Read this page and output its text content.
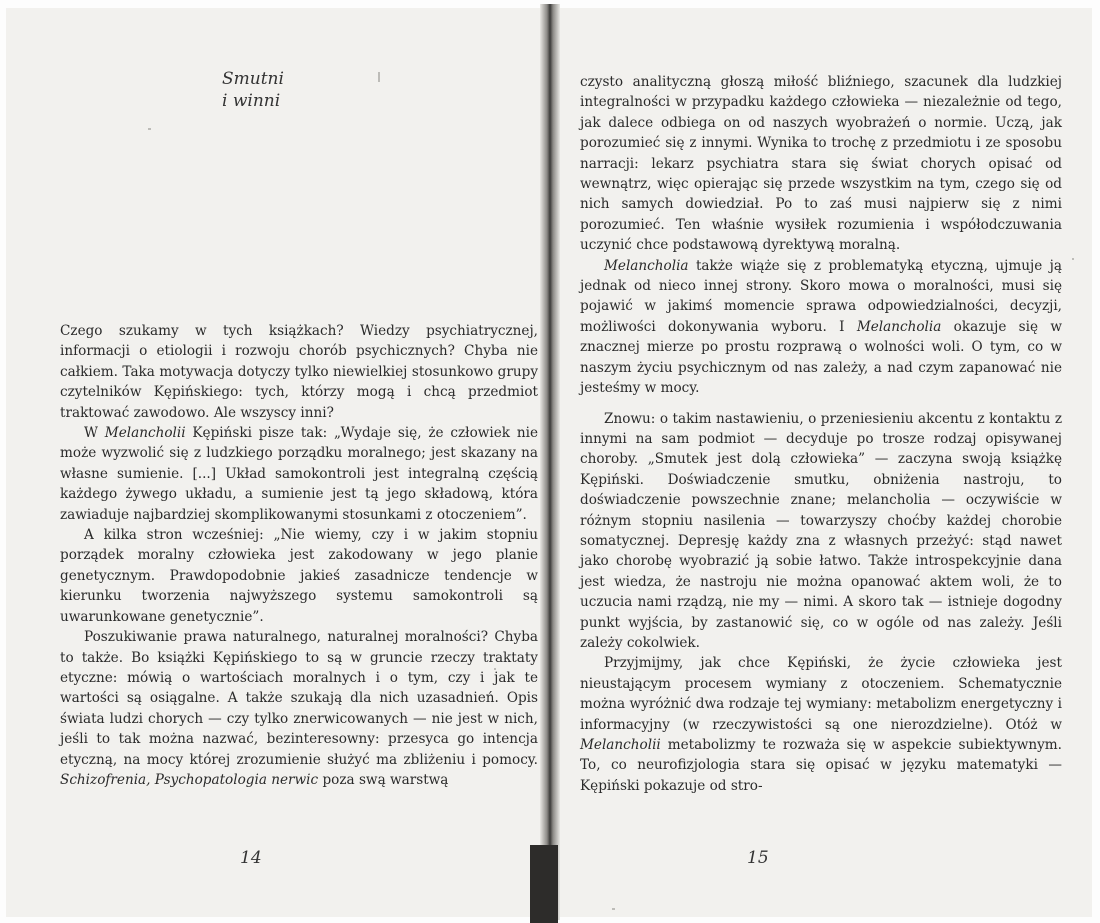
Smutni
i winni

Czego szukamy w tych książkach? Wiedzy psychiatrycznej, informacji o etiologii i rozwoju chorób psychicznych? Chyba nie całkiem. Taka motywacja dotyczy tylko niewielkiej stosunkowo grupy czytelników Kępińskiego: tych, którzy mogą i chcą przedmiot traktować zawodowo. Ale wszyscy inni?

W Melancholii Kępiński pisze tak: „Wydaje się, że człowiek nie może wyzwolić się z ludzkiego porządku moralnego; jest skazany na własne sumienie. [...] Układ samokontroli jest integralną częścią każdego żywego układu, a sumienie jest tą jego składową, która zawiaduje najbardziej skomplikowanymi stosunkami z otoczeniem”.

A kilka stron wcześniej: „Nie wiemy, czy i w jakim stopniu porządek moralny człowieka jest zakodowany w jego planie genetycznym. Prawdopodobnie jakieś zasadnicze tendencje w kierunku tworzenia najwyższego systemu samokontroli są uwarunkowane genetycznie”.

Poszukiwanie prawa naturalnego, naturalnej moralności? Chyba to także. Bo książki Kępińskiego to są w gruncie rzeczy traktaty etyczne: mówią o wartościach moralnych i o tym, czy i jak te wartości są osiągalne. A także szukają dla nich uzasadnień. Opis świata ludzi chorych — czy tylko znerwicowanych — nie jest w nich, jeśli to tak można nazwać, bezinteresowny: przesyca go intencja etyczną, na mocy której zrozumienie służyć ma zbliżeniu i pomocy. Schizofrenia, Psychopatologia nerwic poza swą warstwą

14

czysto analityczną głoszą miłość bliźniego, szacunek dla ludzkiej integralności w przypadku każdego człowieka — niezależnie od tego, jak dalece odbiega on od naszych wyobrażeń o normie. Uczą, jak porozumieć się z innymi. Wynika to trochę z przedmiotu i ze sposobu narracji: lekarz psychiatra stara się świat chorych opisać od wewnątrz, więc opierając się przede wszystkim na tym, czego się od nich samych dowiedział. Po to zaś musi najpierw się z nimi porozumieć. Ten właśnie wysiłek rozumienia i współodczuwania uczynić chce podstawową dyrektywą moralną.

Melancholia także wiąże się z problematyką etyczną, ujmuje ją jednak od nieco innej strony. Skoro mowa o moralności, musi się pojawić w jakimś momencie sprawa odpowiedzialności, decyzji, możliwości dokonywania wyboru. I Melancholia okazuje się w znacznej mierze po prostu rozprawą o wolności woli. O tym, co w naszym życiu psychicznym od nas zależy, a nad czym zapanować nie jesteśmy w mocy.

Znowu: o takim nastawieniu, o przeniesieniu akcentu z kontaktu z innymi na sam podmiot — decyduje po trosze rodzaj opisywanej choroby. „Smutek jest dolą człowieka” — zaczyna swoją książkę Kępiński. Doświadczenie smutku, obniżenia nastroju, to doświadczenie powszechnie znane; melancholia — oczywiście w różnym stopniu nasilenia — towarzyszy choćby każdej chorobie somatycznej. Depresję każdy zna z własnych przeżyć: stąd nawet jako chorobę wyobrazić ją sobie łatwo. Także introspekcyjnie dana jest wiedza, że nastroju nie można opanować aktem woli, że to uczucia nami rządzą, nie my — nimi. A skoro tak — istnieje dogodny punkt wyjścia, by zastanowić się, co w ogóle od nas zależy. Jeśli zależy cokolwiek.

Przyjmijmy, jak chce Kępiński, że życie człowieka jest nieustającym procesem wymiany z otoczeniem. Schematycznie można wyróżnić dwa rodzaje tej wymiany: metabolizm energetyczny i informacyjny (w rzeczywistości są one nierozdzielne). Otóż w Melancholii metabolizmy te rozważa się w aspekcie subiektywnym. To, co neurofizjologia stara się opisać w języku matematyki — Kępiński pokazuje od stro-

15
